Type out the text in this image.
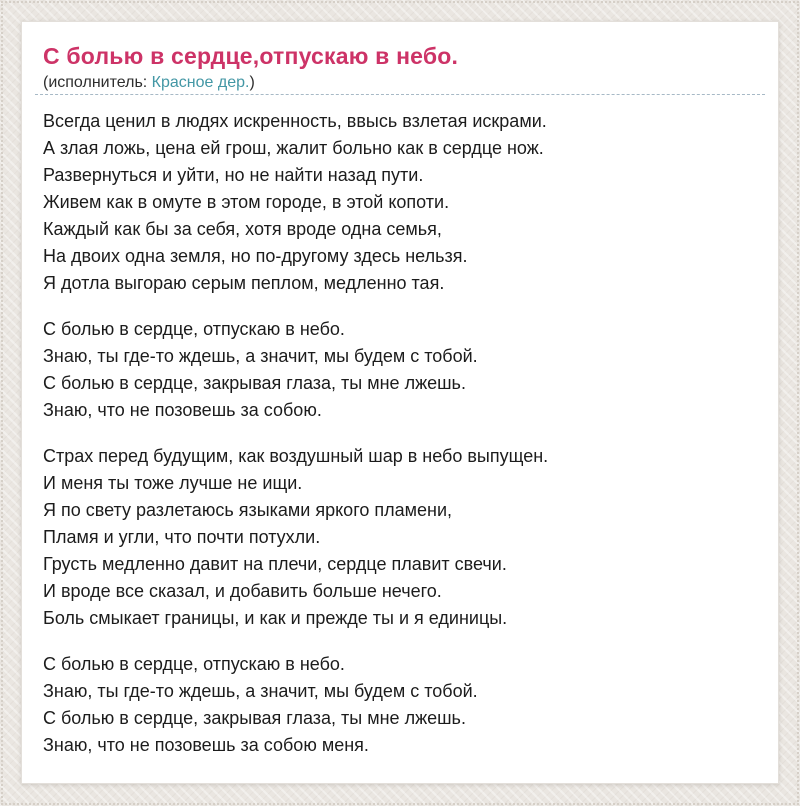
С болью в сердце,отпускаю в небо.
(исполнитель: Красное дер.)

Всегда ценил в людях искренность, ввысь взлетая искрами.
А злая ложь, цена ей грош, жалит больно как в сердце нож.
Развернуться и уйти, но не найти назад пути.
Живем как в омуте в этом городе, в этой копоти.
Каждый как бы за себя, хотя вроде одна семья,
На двоих одна земля, но по-другому здесь нельзя.
Я дотла выгораю серым пеплом, медленно тая.

С болью в сердце, отпускаю в небо.
Знаю, ты где-то ждешь, а значит, мы будем с тобой.
С болью в сердце, закрывая глаза, ты мне лжешь.
Знаю, что не позовешь за собою.

Страх перед будущим, как воздушный шар в небо выпущен.
И меня ты тоже лучше не ищи.
Я по свету разлетаюсь языками яркого пламени,
Пламя и угли, что почти потухли.
Грусть медленно давит на плечи, сердце плавит свечи.
И вроде все сказал, и добавить больше нечего.
Боль смыкает границы, и как и прежде ты и я единицы.

С болью в сердце, отпускаю в небо.
Знаю, ты где-то ждешь, а значит, мы будем с тобой.
С болью в сердце, закрывая глаза, ты мне лжешь.
Знаю, что не позовешь за собою меня.
